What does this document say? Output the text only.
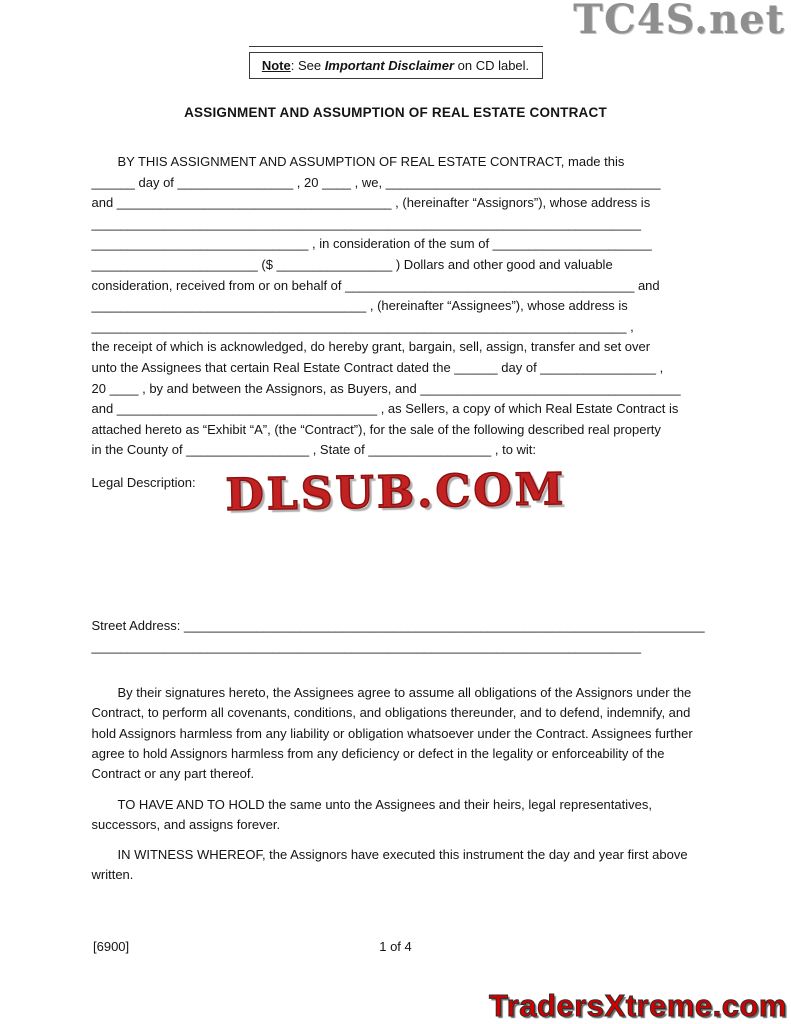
TC4S.net
Note: See Important Disclaimer on CD label.
ASSIGNMENT AND ASSUMPTION OF REAL ESTATE CONTRACT
BY THIS ASSIGNMENT AND ASSUMPTION OF REAL ESTATE CONTRACT, made this
______ day of ________________ , 20 ____ , we, ______________________________________
and ______________________________________ , (hereinafter “Assignors”), whose address is
____________________________________________________________________________
______________________________ , in consideration of the sum of ______________________
_______________________ ($ ________________ ) Dollars and other good and valuable
consideration, received from or on behalf of ________________________________________ and
______________________________________ , (hereinafter “Assignees”), whose address is
__________________________________________________________________________ ,
the receipt of which is acknowledged, do hereby grant, bargain, sell, assign, transfer and set over
unto the Assignees that certain Real Estate Contract dated the ______ day of ________________ ,
20 ____ , by and between the Assignors, as Buyers, and ____________________________________
and ____________________________________ , as Sellers, a copy of which Real Estate Contract is
attached hereto as “Exhibit “A”, (the “Contract”), for the sale of the following described real property
in the County of _________________ , State of _________________ , to wit:
Legal Description: DLSUB.COM
Street Address: ________________________________________________________________________
____________________________________________________________________________

By their signatures hereto, the Assignees agree to assume all obligations of the Assignors under the Contract, to perform all covenants, conditions, and obligations thereunder, and to defend, indemnify, and hold Assignors harmless from any liability or obligation whatsoever under the Contract. Assignees further agree to hold Assignors harmless from any deficiency or defect in the legality or enforceability of the Contract or any part thereof.

TO HAVE AND TO HOLD the same unto the Assignees and their heirs, legal representatives, successors, and assigns forever.

IN WITNESS WHEREOF, the Assignors have executed this instrument the day and year first above written.

[6900]	1 of 4
TradersXtreme.com
